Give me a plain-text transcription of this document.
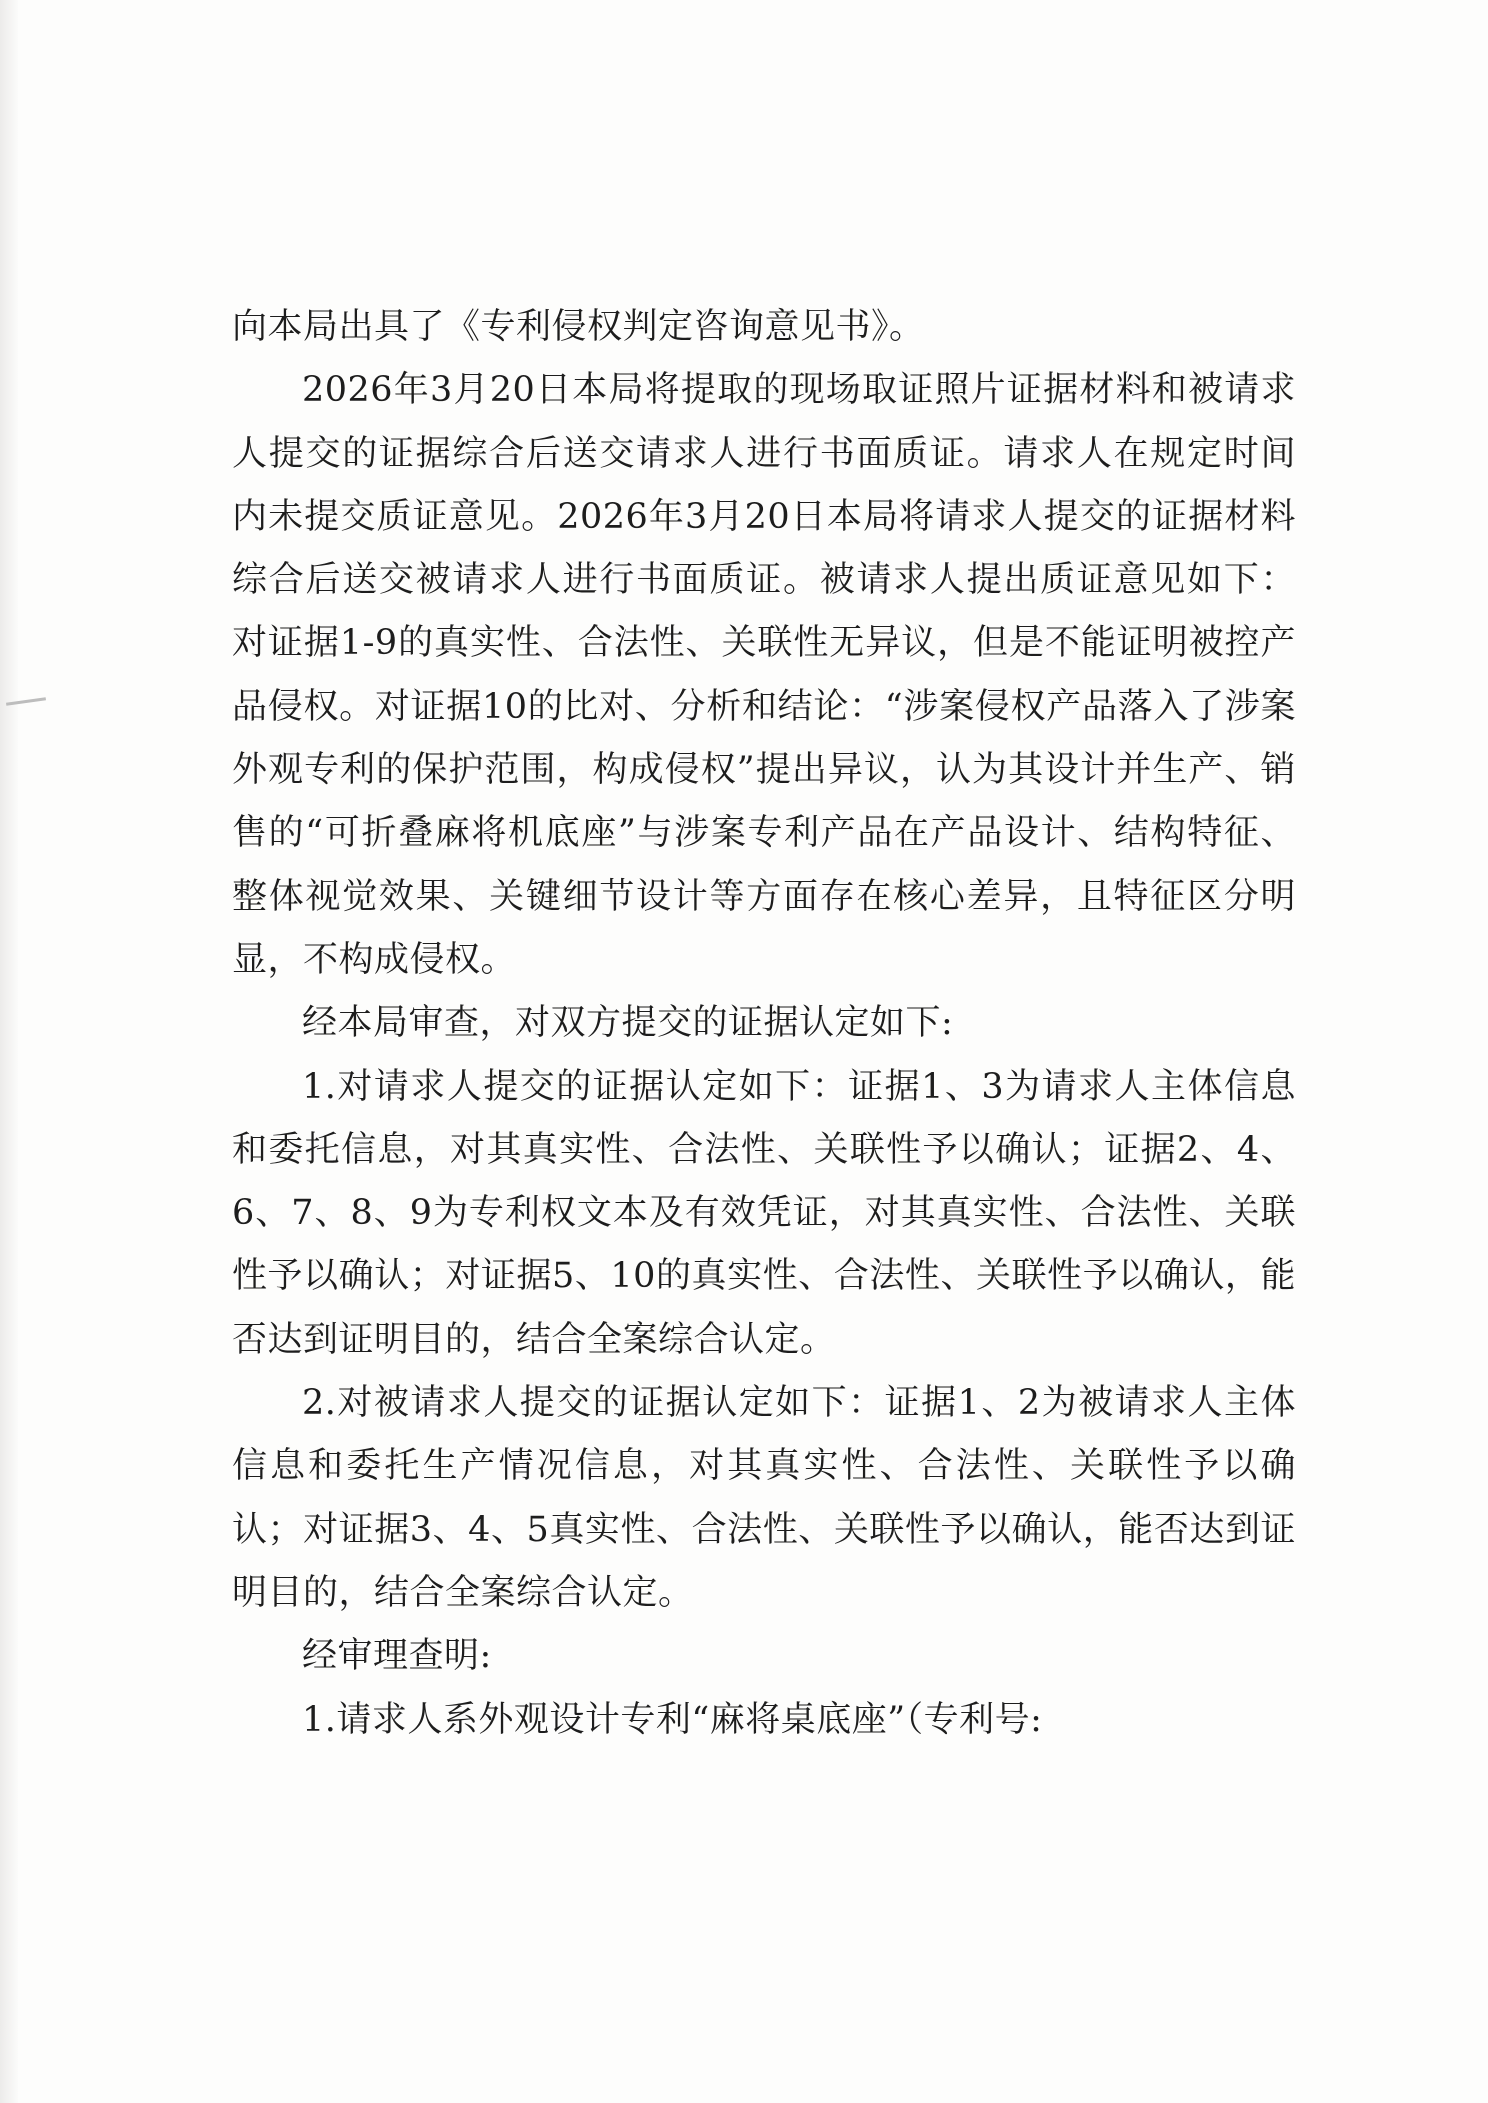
向本局出具了《专利侵权判定咨询意见书》。

2026年3月20日本局将提取的现场取证照片证据材料和被请求人提交的证据综合后送交请求人进行书面质证。请求人在规定时间内未提交质证意见。2026年3月20日本局将请求人提交的证据材料综合后送交被请求人进行书面质证。被请求人提出质证意见如下：对证据1-9的真实性、合法性、关联性无异议，但是不能证明被控产品侵权。对证据10的比对、分析和结论：“涉案侵权产品落入了涉案外观专利的保护范围，构成侵权”提出异议，认为其设计并生产、销售的“可折叠麻将机底座”与涉案专利产品在产品设计、结构特征、整体视觉效果、关键细节设计等方面存在核心差异，且特征区分明显，不构成侵权。

经本局审查，对双方提交的证据认定如下:

1.对请求人提交的证据认定如下：证据1、3为请求人主体信息和委托信息，对其真实性、合法性、关联性予以确认；证据2、4、6、7、8、9为专利权文本及有效凭证，对其真实性、合法性、关联性予以确认；对证据5、10的真实性、合法性、关联性予以确认，能否达到证明目的，结合全案综合认定。

2.对被请求人提交的证据认定如下：证据1、2为被请求人主体信息和委托生产情况信息，对其真实性、合法性、关联性予以确认；对证据3、4、5真实性、合法性、关联性予以确认，能否达到证明目的，结合全案综合认定。

经审理查明:

1.请求人系外观设计专利“麻将桌底座”（专利号:
